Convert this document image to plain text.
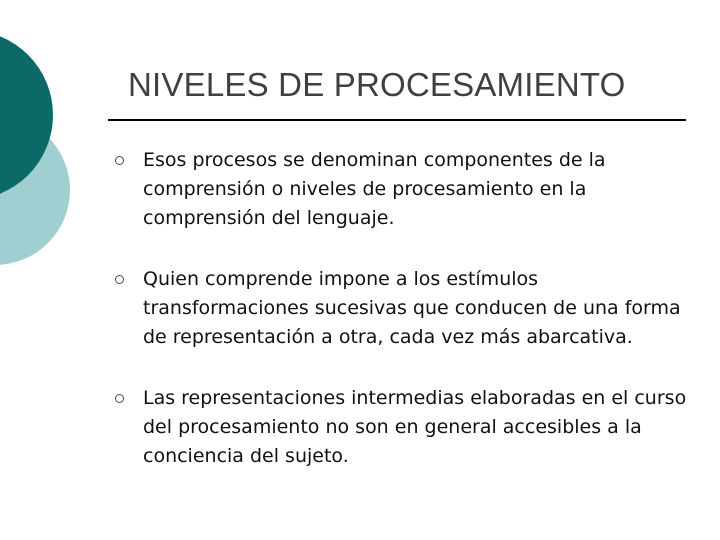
NIVELES DE PROCESAMIENTO
Esos procesos se denominan componentes de la comprensión o niveles de procesamiento en la comprensión del lenguaje.
Quien comprende impone a los estímulos transformaciones sucesivas que conducen de una forma de representación a otra, cada vez más abarcativa.
Las representaciones intermedias elaboradas en el curso del procesamiento no son en general accesibles a la conciencia del sujeto.
